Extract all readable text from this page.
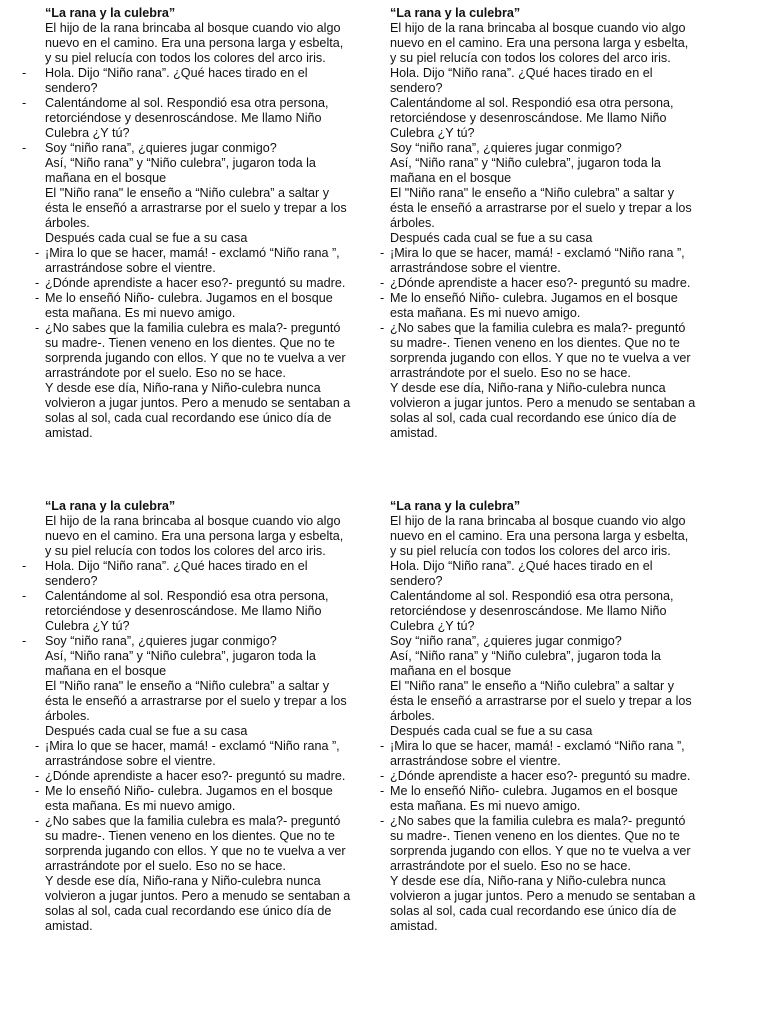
“La rana y la culebra”
El hijo de la rana brincaba al bosque cuando vio algo nuevo en el camino. Era una persona larga y esbelta, y su piel relucía con todos los colores del arco iris.
- Hola. Dijo “Niño rana”. ¿Qué haces tirado en el sendero?
- Calentándome al sol. Respondió esa otra persona, retorciéndose y desenroscándose. Me llamo Niño Culebra ¿Y tú?
- Soy “niño rana”, ¿quieres jugar conmigo?
Así, “Niño rana” y “Niño culebra”, jugaron toda la mañana en el bosque
El "Niño rana" le enseño a “Niño culebra” a saltar y ésta le enseñó a arrastrarse por el suelo y trepar a los árboles.
Después cada cual se fue a su casa
- ¡Mira lo que se hacer, mamá! - exclamó “Niño rana ”, arrastrándose sobre el vientre.
- ¿Dónde aprendiste a hacer eso?- preguntó su madre.
- Me lo enseñó Niño- culebra. Jugamos en el bosque esta mañana. Es mi nuevo amigo.
- ¿No sabes que la familia culebra es mala?- preguntó su madre-. Tienen veneno en los dientes. Que no te sorprenda jugando con ellos. Y que no te vuelva a ver arrastrándote por el suelo. Eso no se hace.
Y desde ese día, Niño-rana y Niño-culebra nunca volvieron a jugar juntos. Pero a menudo se sentaban a solas al sol, cada cual recordando ese único día de amistad.
“La rana y la culebra”
El hijo de la rana brincaba al bosque cuando vio algo nuevo en el camino. Era una persona larga y esbelta, y su piel relucía con todos los colores del arco iris.
Hola. Dijo “Niño rana”. ¿Qué haces tirado en el sendero?
Calentándome al sol. Respondió esa otra persona, retorciéndose y desenroscándose. Me llamo Niño Culebra ¿Y tú?
Soy “niño rana”, ¿quieres jugar conmigo?
Así, “Niño rana” y “Niño culebra”, jugaron toda la mañana en el bosque
El "Niño rana" le enseño a “Niño culebra” a saltar y ésta le enseñó a arrastrarse por el suelo y trepar a los árboles.
Después cada cual se fue a su casa
- ¡Mira lo que se hacer, mamá! - exclamó “Niño rana ”, arrastrándose sobre el vientre.
- ¿Dónde aprendiste a hacer eso?- preguntó su madre.
- Me lo enseñó Niño- culebra. Jugamos en el bosque esta mañana. Es mi nuevo amigo.
- ¿No sabes que la familia culebra es mala?- preguntó su madre-. Tienen veneno en los dientes. Que no te sorprenda jugando con ellos. Y que no te vuelva a ver arrastrándote por el suelo. Eso no se hace.
Y desde ese día, Niño-rana y Niño-culebra nunca volvieron a jugar juntos. Pero a menudo se sentaban a solas al sol, cada cual recordando ese único día de amistad.
“La rana y la culebra”
El hijo de la rana brincaba al bosque cuando vio algo nuevo en el camino. Era una persona larga y esbelta, y su piel relucía con todos los colores del arco iris.
- Hola. Dijo “Niño rana”. ¿Qué haces tirado en el sendero?
- Calentándome al sol. Respondió esa otra persona, retorciéndose y desenroscándose. Me llamo Niño Culebra ¿Y tú?
- Soy “niño rana”, ¿quieres jugar conmigo?
Así, “Niño rana” y “Niño culebra”, jugaron toda la mañana en el bosque
El "Niño rana" le enseño a “Niño culebra” a saltar y ésta le enseñó a arrastrarse por el suelo y trepar a los árboles.
Después cada cual se fue a su casa
- ¡Mira lo que se hacer, mamá! - exclamó “Niño rana ”, arrastrándose sobre el vientre.
- ¿Dónde aprendiste a hacer eso?- preguntó su madre.
- Me lo enseñó Niño- culebra. Jugamos en el bosque esta mañana. Es mi nuevo amigo.
- ¿No sabes que la familia culebra es mala?- preguntó su madre-. Tienen veneno en los dientes. Que no te sorprenda jugando con ellos. Y que no te vuelva a ver arrastrándote por el suelo. Eso no se hace.
Y desde ese día, Niño-rana y Niño-culebra nunca volvieron a jugar juntos. Pero a menudo se sentaban a solas al sol, cada cual recordando ese único día de amistad.
“La rana y la culebra”
El hijo de la rana brincaba al bosque cuando vio algo nuevo en el camino. Era una persona larga y esbelta, y su piel relucía con todos los colores del arco iris.
Hola. Dijo “Niño rana”. ¿Qué haces tirado en el sendero?
Calentándome al sol. Respondió esa otra persona, retorciéndose y desenroscándose. Me llamo Niño Culebra ¿Y tú?
Soy “niño rana”, ¿quieres jugar conmigo?
Así, “Niño rana” y “Niño culebra”, jugaron toda la mañana en el bosque
El "Niño rana" le enseño a “Niño culebra” a saltar y ésta le enseñó a arrastrarse por el suelo y trepar a los árboles.
Después cada cual se fue a su casa
- ¡Mira lo que se hacer, mamá! - exclamó “Niño rana ”, arrastrándose sobre el vientre.
- ¿Dónde aprendiste a hacer eso?- preguntó su madre.
- Me lo enseñó Niño- culebra. Jugamos en el bosque esta mañana. Es mi nuevo amigo.
- ¿No sabes que la familia culebra es mala?- preguntó su madre-. Tienen veneno en los dientes. Que no te sorprenda jugando con ellos. Y que no te vuelva a ver arrastrándote por el suelo. Eso no se hace.
Y desde ese día, Niño-rana y Niño-culebra nunca volvieron a jugar juntos. Pero a menudo se sentaban a solas al sol, cada cual recordando ese único día de amistad.
